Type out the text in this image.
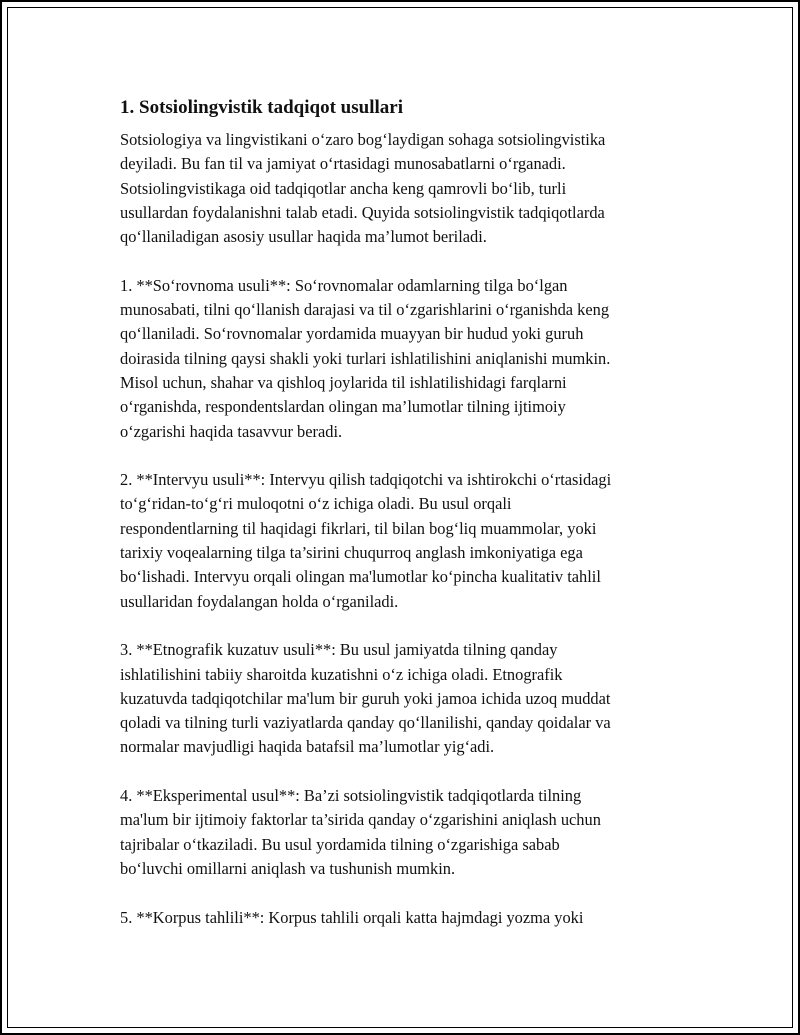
1. Sotsiolingvistik tadqiqot usullari

Sotsiologiya va lingvistikani o‘zaro bog‘laydigan sohaga sotsiolingvistika
deyiladi. Bu fan til va jamiyat o‘rtasidagi munosabatlarni o‘rganadi.
Sotsiolingvistikaga oid tadqiqotlar ancha keng qamrovli bo‘lib, turli
usullardan foydalanishni talab etadi. Quyida sotsiolingvistik tadqiqotlarda
qo‘llaniladigan asosiy usullar haqida ma’lumot beriladi.

1. **So‘rovnoma usuli**: So‘rovnomalar odamlarning tilga bo‘lgan
munosabati, tilni qo‘llanish darajasi va til o‘zgarishlarini o‘rganishda keng
qo‘llaniladi. So‘rovnomalar yordamida muayyan bir hudud yoki guruh
doirasida tilning qaysi shakli yoki turlari ishlatilishini aniqlanishi mumkin.
Misol uchun, shahar va qishloq joylarida til ishlatilishidagi farqlarni
o‘rganishda, respondentslardan olingan ma’lumotlar tilning ijtimoiy
o‘zgarishi haqida tasavvur beradi.

2. **Intervyu usuli**: Intervyu qilish tadqiqotchi va ishtirokchi o‘rtasidagi
to‘g‘ridan-to‘g‘ri muloqotni o‘z ichiga oladi. Bu usul orqali
respondentlarning til haqidagi fikrlari, til bilan bog‘liq muammolar, yoki
tarixiy voqealarning tilga ta’sirini chuqurroq anglash imkoniyatiga ega
bo‘lishadi. Intervyu orqali olingan ma'lumotlar ko‘pincha kualitativ tahlil
usullaridan foydalangan holda o‘rganiladi.

3. **Etnografik kuzatuv usuli**: Bu usul jamiyatda tilning qanday
ishlatilishini tabiiy sharoitda kuzatishni o‘z ichiga oladi. Etnografik
kuzatuvda tadqiqotchilar ma'lum bir guruh yoki jamoa ichida uzoq muddat
qoladi va tilning turli vaziyatlarda qanday qo‘llanilishi, qanday qoidalar va
normalar mavjudligi haqida batafsil ma’lumotlar yig‘adi.

4. **Eksperimental usul**: Ba’zi sotsiolingvistik tadqiqotlarda tilning
ma'lum bir ijtimoiy faktorlar ta’sirida qanday o‘zgarishini aniqlash uchun
tajribalar o‘tkaziladi. Bu usul yordamida tilning o‘zgarishiga sabab
bo‘luvchi omillarni aniqlash va tushunish mumkin.

5. **Korpus tahlili**: Korpus tahlili orqali katta hajmdagi yozma yoki
